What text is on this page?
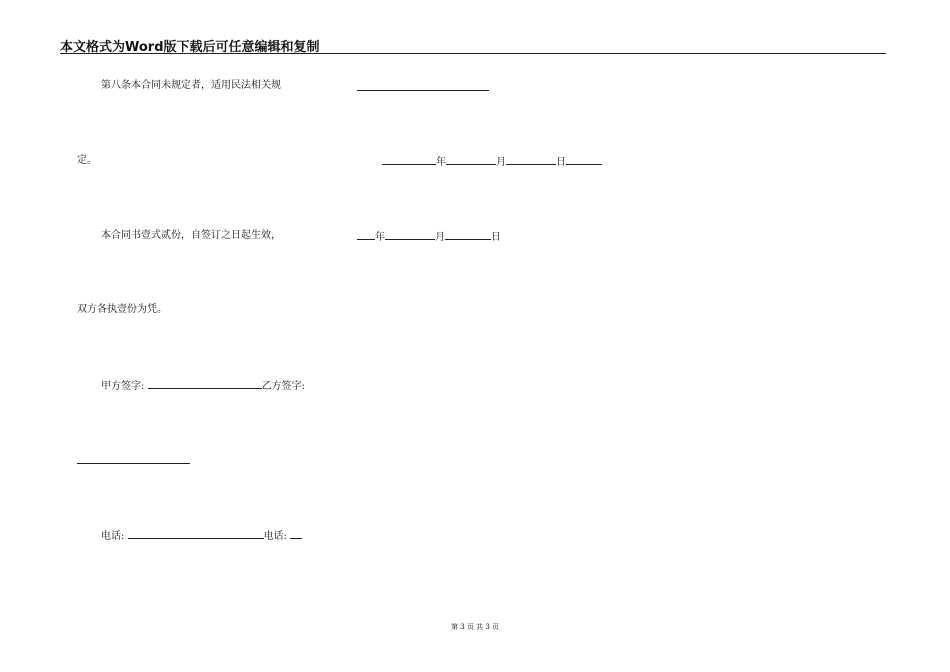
本文格式为Word版下载后可任意编辑和复制
第八条本合同未规定者，适用民法相关规
定。	年	月	日
本合同书壹式贰份，自签订之日起生效，	年	月	日
双方各执壹份为凭。
甲方签字:	乙方签字:
电话:	电话:
第 3 页 共 3 页
